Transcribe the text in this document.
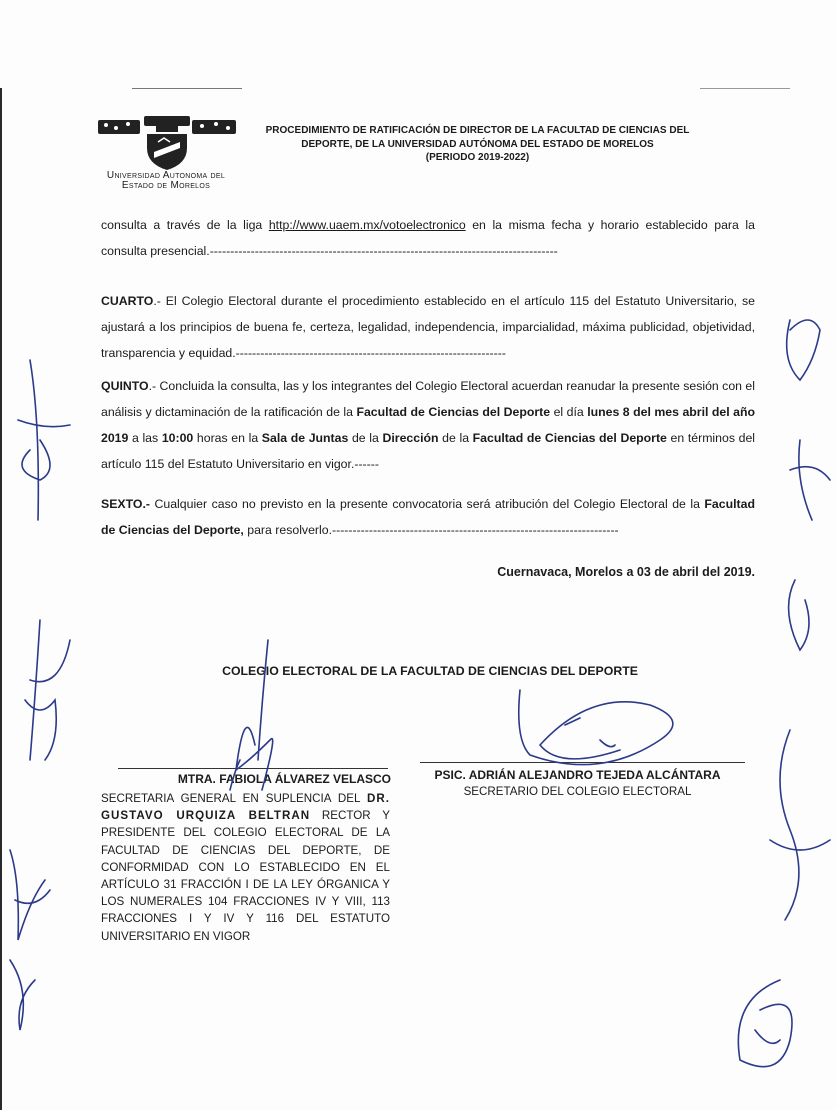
Universidad Autonoma del
Estado de Morelos
PROCEDIMIENTO DE RATIFICACIÓN DE DIRECTOR DE LA FACULTAD DE CIENCIAS DEL
DEPORTE, DE LA UNIVERSIDAD AUTÓNOMA DEL ESTADO DE MORELOS
(PERIODO 2019-2022)
consulta a través de la liga http://www.uaem.mx/votoelectronico en la misma fecha y horario establecido para la consulta presencial.-------------------------------------------------------------------------------------
CUARTO.- El Colegio Electoral durante el procedimiento establecido en el artículo 115 del Estatuto Universitario, se ajustará a los principios de buena fe, certeza, legalidad, independencia, imparcialidad, máxima publicidad, objetividad, transparencia y equidad.------------------------------------------------------------------
QUINTO.- Concluida la consulta, las y los integrantes del Colegio Electoral acuerdan reanudar la presente sesión con el análisis y dictaminación de la ratificación de la Facultad de Ciencias del Deporte el día lunes 8 del mes abril del año 2019 a las 10:00 horas en la Sala de Juntas de la Dirección de la Facultad de Ciencias del Deporte en términos del artículo 115 del Estatuto Universitario en vigor.------
SEXTO.- Cualquier caso no previsto en la presente convocatoria será atribución del Colegio Electoral de la Facultad de Ciencias del Deporte, para resolverlo.----------------------------------------------------------------------
Cuernavaca, Morelos a 03 de abril del 2019.
COLEGIO ELECTORAL DE LA FACULTAD DE CIENCIAS DEL DEPORTE
MTRA. FABIOLA ÁLVAREZ VELASCO
SECRETARIA GENERAL EN SUPLENCIA DEL DR. GUSTAVO URQUIZA BELTRAN RECTOR Y PRESIDENTE DEL COLEGIO ELECTORAL DE LA FACULTAD DE CIENCIAS DEL DEPORTE, DE CONFORMIDAD CON LO ESTABLECIDO EN EL ARTÍCULO 31 FRACCIÓN I DE LA LEY ÓRGANICA Y LOS NUMERALES 104 FRACCIONES IV Y VIII, 113 FRACCIONES I Y IV Y 116 DEL ESTATUTO UNIVERSITARIO EN VIGOR
PSIC. ADRIÁN ALEJANDRO TEJEDA ALCÁNTARA
SECRETARIO DEL COLEGIO ELECTORAL
